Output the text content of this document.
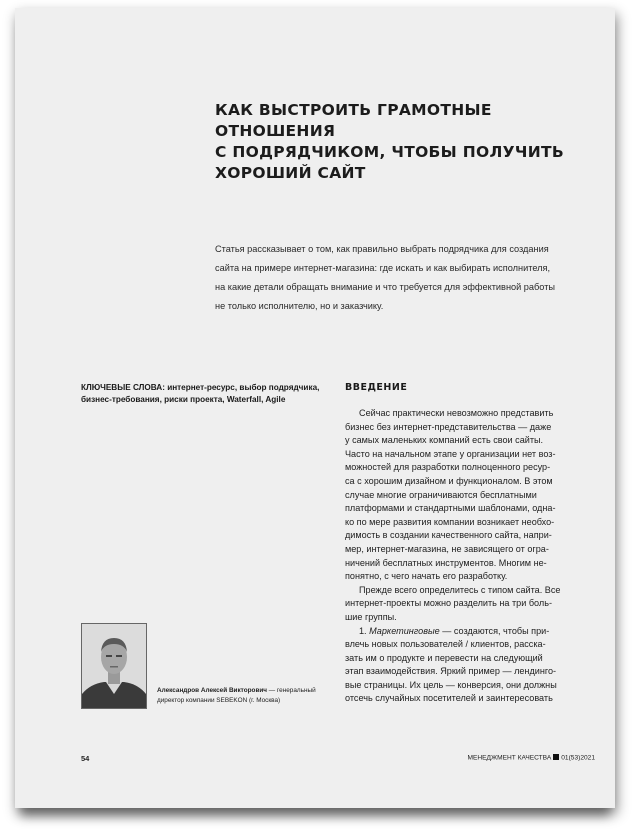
КАК ВЫСТРОИТЬ ГРАМОТНЫЕ ОТНОШЕНИЯ
С ПОДРЯДЧИКОМ, ЧТОБЫ ПОЛУЧИТЬ
ХОРОШИЙ САЙТ

Статья рассказывает о том, как правильно выбрать подрядчика для создания
сайта на примере интернет-магазина: где искать и как выбирать исполнителя,
на какие детали обращать внимание и что требуется для эффективной работы
не только исполнителю, но и заказчику.

КЛЮЧЕВЫЕ СЛОВА: интернет-ресурс, выбор подрядчика,
бизнес-требования, риски проекта, Waterfall, Agile

Александров Алексей Викторович — генеральный
директор компании SEBEKON (г. Москва)

ВВЕДЕНИЕ
Сейчас практически невозможно представить
бизнес без интернет-представительства — даже
у самых маленьких компаний есть свои сайты.
Часто на начальном этапе у организации нет воз-
можностей для разработки полноценного ресур-
са с хорошим дизайном и функционалом. В этом
случае многие ограничиваются бесплатными
платформами и стандартными шаблонами, одна-
ко по мере развития компании возникает необхо-
димость в создании качественного сайта, напри-
мер, интернет-магазина, не зависящего от огра-
ничений бесплатных инструментов. Многим не-
понятно, с чего начать его разработку.
Прежде всего определитесь с типом сайта. Все
интернет-проекты можно разделить на три боль-
шие группы.
1. Маркетинговые — создаются, чтобы при-
влечь новых пользователей / клиентов, расска-
зать им о продукте и перевести на следующий
этап взаимодействия. Яркий пример — лендинго-
вые страницы. Их цель — конверсия, они должны
отсечь случайных посетителей и заинтересовать
54	МЕНЕДЖМЕНТ КАЧЕСТВА 01(53)2021
